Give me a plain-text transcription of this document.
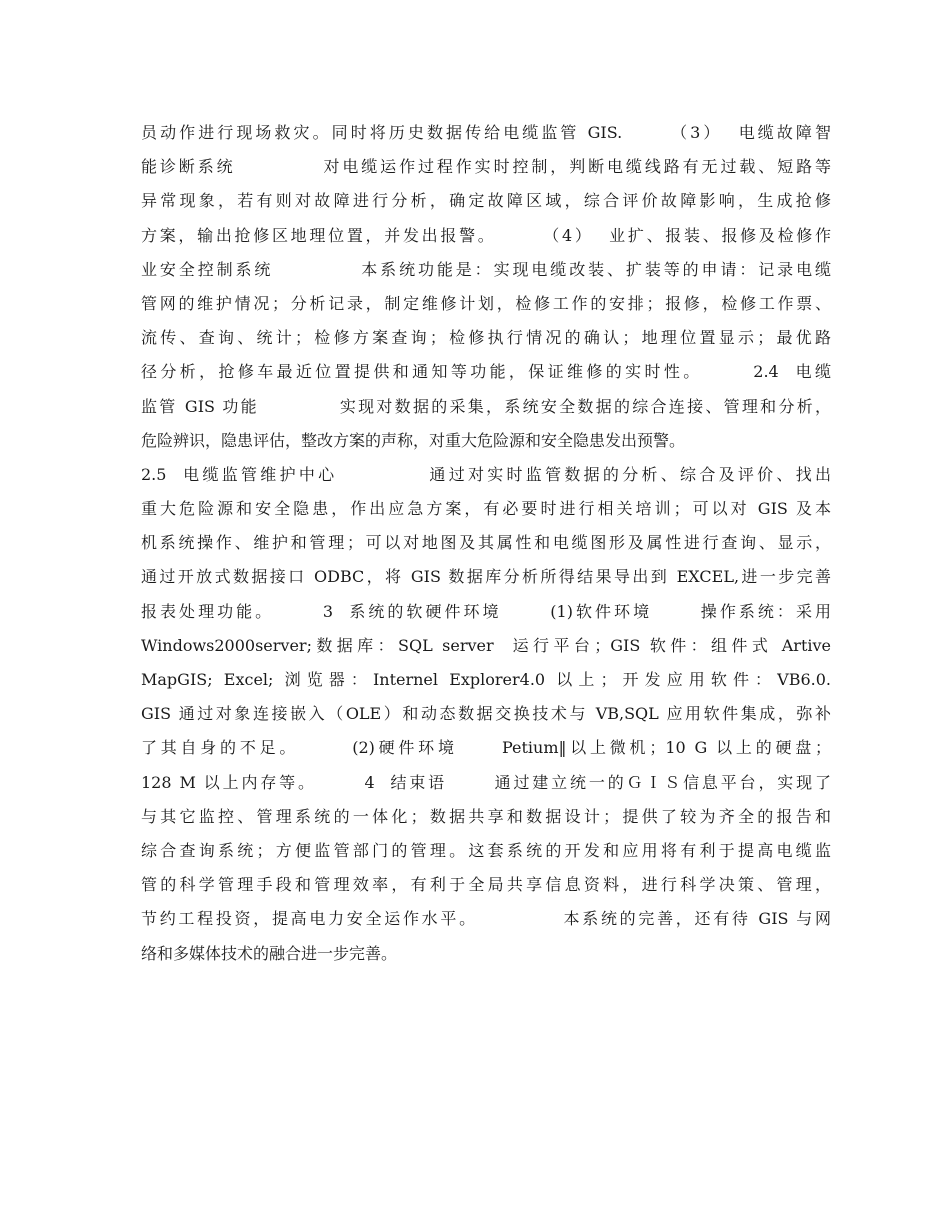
员动作进行现场救灾。同时将历史数据传给电缆监管 GIS.      （3）  电缆故障智
能诊断系统           对电缆运作过程作实时控制，判断电缆线路有无过载、短路等
异常现象，若有则对故障进行分析，确定故障区域，综合评价故障影响，生成抢修
方案，输出抢修区地理位置，并发出报警。      （4）  业扩、报装、报修及检修作
业安全控制系统           本系统功能是：实现电缆改装、扩装等的申请：记录电缆
管网的维护情况；分析记录，制定维修计划，检修工作的安排；报修，检修工作票、
流传、查询、统计；检修方案查询；检修执行情况的确认；地理位置显示；最优路
径分析，抢修车最近位置提供和通知等功能，保证维修的实时性。      2.4  电缆
监管 GIS 功能           实现对数据的采集，系统安全数据的综合连接、管理和分析，
危险辨识，隐患评估，整改方案的声称，对重大危险源和安全隐患发出预警。
2.5  电缆监管维护中心           通过对实时监管数据的分析、综合及评价、找出
重大危险源和安全隐患，作出应急方案，有必要时进行相关培训；可以对 GIS 及本
机系统操作、维护和管理；可以对地图及其属性和电缆图形及属性进行查询、显示，
通过开放式数据接口 ODBC，将 GIS 数据库分析所得结果导出到 EXCEL,进一步完善
报表处理功能。      3  系统的软硬件环境      (1)软件环境      操作系统：采用
Windows2000server;数据库：SQL server  运行平台；GIS 软件：组件式 Artive
MapGIS; Excel; 浏览器：Internel Explorer4.0 以上；开发应用软件：VB6.0.
GIS 通过对象连接嵌入（OLE）和动态数据交换技术与 VB,SQL 应用软件集成，弥补
了其自身的不足。      (2)硬件环境     Petium‖以上微机；10 G 以上的硬盘；
128 M 以上内存等。      4  结束语      通过建立统一的ＧＩＳ信息平台，实现了
与其它监控、管理系统的一体化；数据共享和数据设计；提供了较为齐全的报告和
综合查询系统；方便监管部门的管理。这套系统的开发和应用将有利于提高电缆监
管的科学管理手段和管理效率，有利于全局共享信息资料，进行科学决策、管理，
节约工程投资，提高电力安全运作水平。           本系统的完善，还有待 GIS 与网
络和多媒体技术的融合进一步完善。
